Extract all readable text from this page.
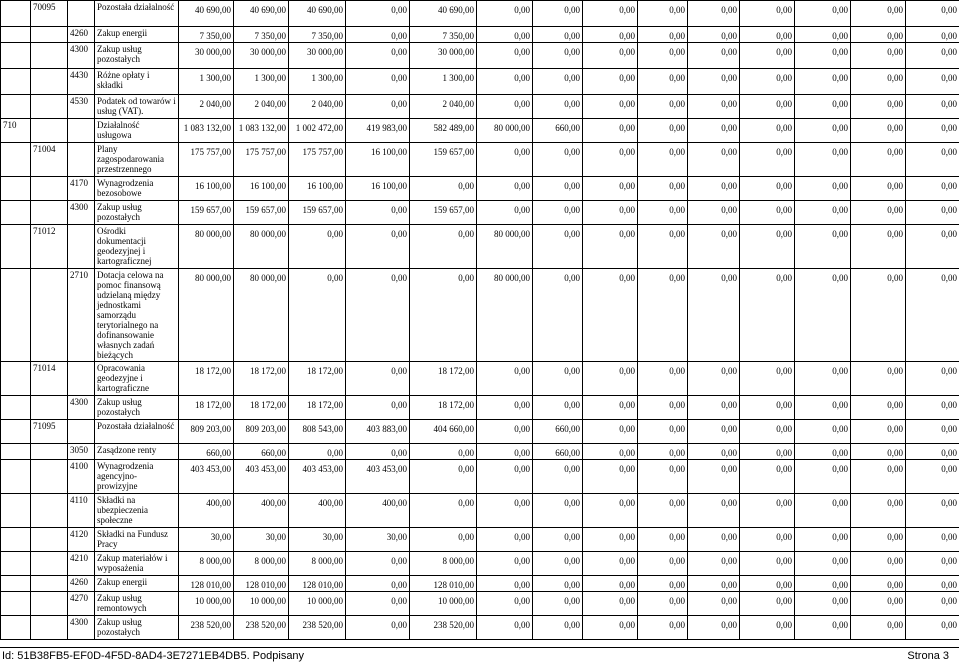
	70095		Pozostała działalność	40 690,00	40 690,00	40 690,00	0,00	40 690,00	0,00	0,00	0,00	0,00	0,00	0,00	0,00	0,00	0,00
		4260	Zakup energii	7 350,00	7 350,00	7 350,00	0,00	7 350,00	0,00	0,00	0,00	0,00	0,00	0,00	0,00	0,00	0,00
		4300	Zakup usług pozostałych	30 000,00	30 000,00	30 000,00	0,00	30 000,00	0,00	0,00	0,00	0,00	0,00	0,00	0,00	0,00	0,00
		4430	Różne opłaty i składki	1 300,00	1 300,00	1 300,00	0,00	1 300,00	0,00	0,00	0,00	0,00	0,00	0,00	0,00	0,00	0,00
		4530	Podatek od towarów i usług (VAT).	2 040,00	2 040,00	2 040,00	0,00	2 040,00	0,00	0,00	0,00	0,00	0,00	0,00	0,00	0,00	0,00
710			Działalność usługowa	1 083 132,00	1 083 132,00	1 002 472,00	419 983,00	582 489,00	80 000,00	660,00	0,00	0,00	0,00	0,00	0,00	0,00	0,00
	71004		Plany zagospodarowania przestrzennego	175 757,00	175 757,00	175 757,00	16 100,00	159 657,00	0,00	0,00	0,00	0,00	0,00	0,00	0,00	0,00	0,00
		4170	Wynagrodzenia bezosobowe	16 100,00	16 100,00	16 100,00	16 100,00	0,00	0,00	0,00	0,00	0,00	0,00	0,00	0,00	0,00	0,00
		4300	Zakup usług pozostałych	159 657,00	159 657,00	159 657,00	0,00	159 657,00	0,00	0,00	0,00	0,00	0,00	0,00	0,00	0,00	0,00
	71012		Ośrodki dokumentacji geodezyjnej i kartograficznej	80 000,00	80 000,00	0,00	0,00	0,00	80 000,00	0,00	0,00	0,00	0,00	0,00	0,00	0,00	0,00
		2710	Dotacja celowa na pomoc finansową udzielaną między jednostkami samorządu terytorialnego na dofinansowanie własnych zadań bieżących	80 000,00	80 000,00	0,00	0,00	0,00	80 000,00	0,00	0,00	0,00	0,00	0,00	0,00	0,00	0,00
	71014		Opracowania geodezyjne i kartograficzne	18 172,00	18 172,00	18 172,00	0,00	18 172,00	0,00	0,00	0,00	0,00	0,00	0,00	0,00	0,00	0,00
		4300	Zakup usług pozostałych	18 172,00	18 172,00	18 172,00	0,00	18 172,00	0,00	0,00	0,00	0,00	0,00	0,00	0,00	0,00	0,00
	71095		Pozostała działalność	809 203,00	809 203,00	808 543,00	403 883,00	404 660,00	0,00	660,00	0,00	0,00	0,00	0,00	0,00	0,00	0,00
		3050	Zasądzone renty	660,00	660,00	0,00	0,00	0,00	0,00	660,00	0,00	0,00	0,00	0,00	0,00	0,00	0,00
		4100	Wynagrodzenia agencyjno-prowizyjne	403 453,00	403 453,00	403 453,00	403 453,00	0,00	0,00	0,00	0,00	0,00	0,00	0,00	0,00	0,00	0,00
		4110	Składki na ubezpieczenia społeczne	400,00	400,00	400,00	400,00	0,00	0,00	0,00	0,00	0,00	0,00	0,00	0,00	0,00	0,00
		4120	Składki na Fundusz Pracy	30,00	30,00	30,00	30,00	0,00	0,00	0,00	0,00	0,00	0,00	0,00	0,00	0,00	0,00
		4210	Zakup materiałów i wyposażenia	8 000,00	8 000,00	8 000,00	0,00	8 000,00	0,00	0,00	0,00	0,00	0,00	0,00	0,00	0,00	0,00
		4260	Zakup energii	128 010,00	128 010,00	128 010,00	0,00	128 010,00	0,00	0,00	0,00	0,00	0,00	0,00	0,00	0,00	0,00
		4270	Zakup usług remontowych	10 000,00	10 000,00	10 000,00	0,00	10 000,00	0,00	0,00	0,00	0,00	0,00	0,00	0,00	0,00	0,00
		4300	Zakup usług pozostałych	238 520,00	238 520,00	238 520,00	0,00	238 520,00	0,00	0,00	0,00	0,00	0,00	0,00	0,00	0,00	0,00
Id: 51B38FB5-EF0D-4F5D-8AD4-3E7271EB4DB5. Podpisany	Strona 3
